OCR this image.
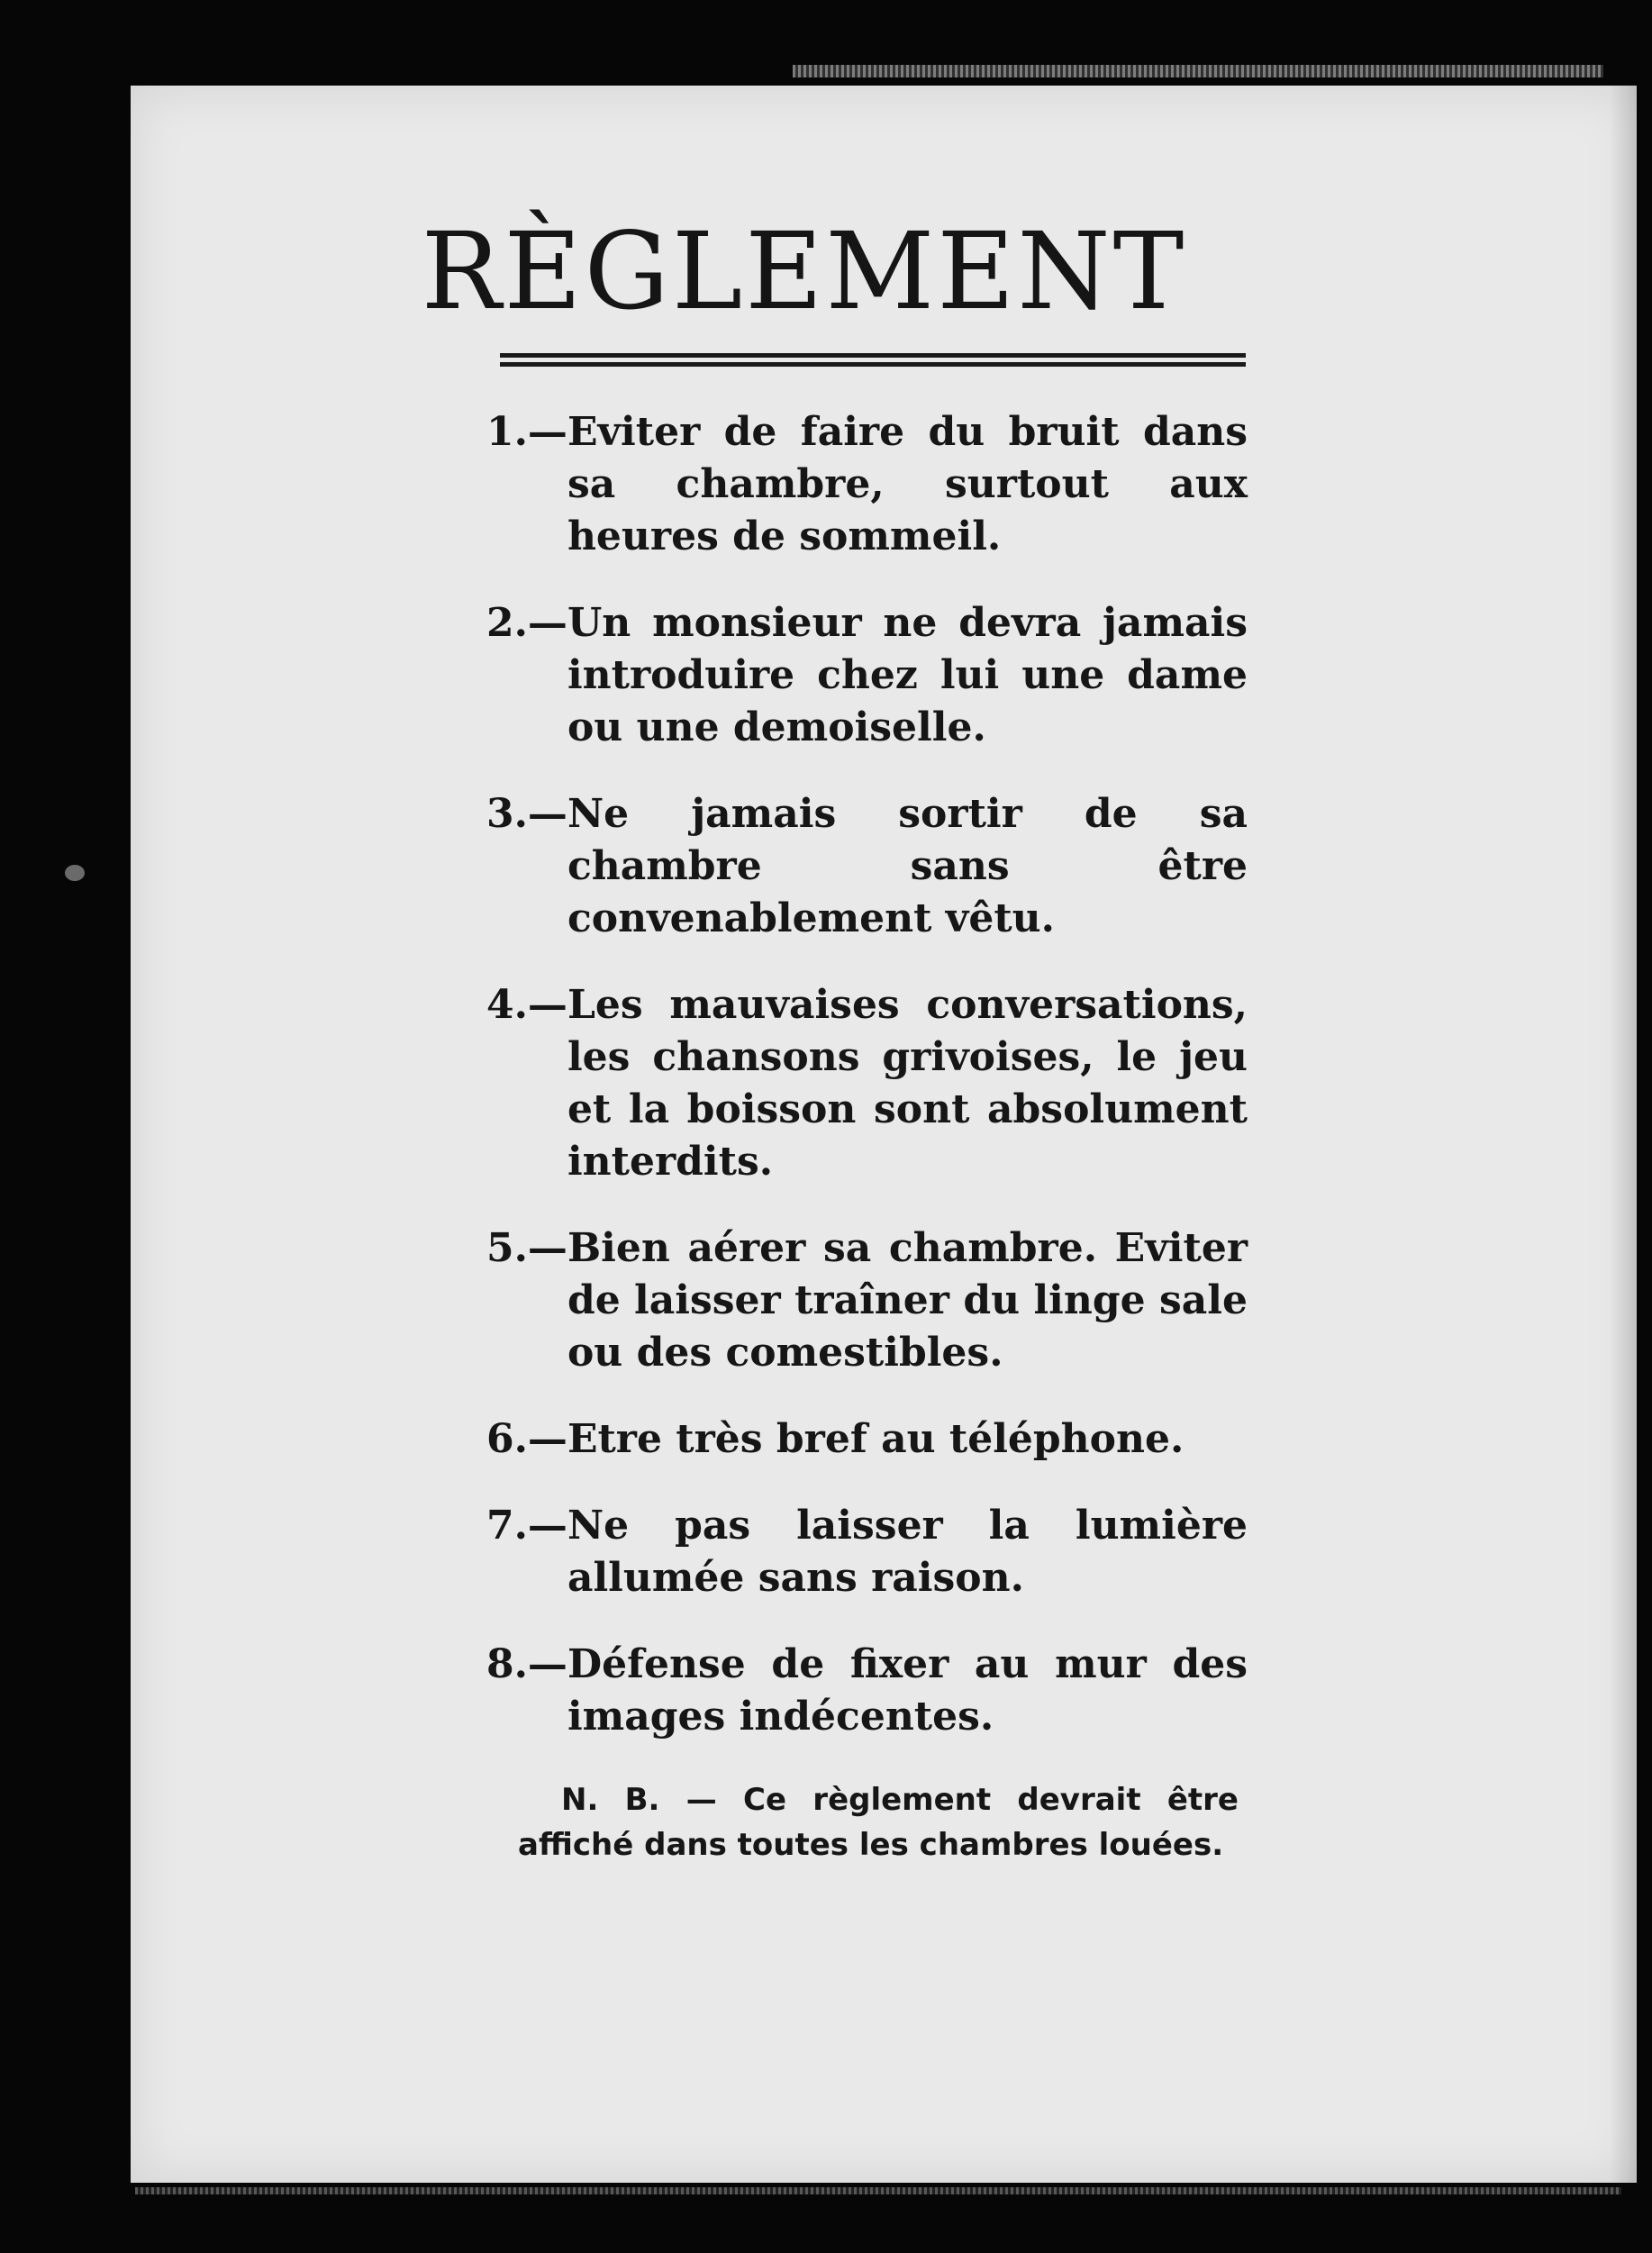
RÈGLEMENT
1.— Eviter de faire du bruit dans sa chambre, surtout aux heures de sommeil.
2.— Un monsieur ne devra jamais introduire chez lui une dame ou une demoiselle.
3.— Ne jamais sortir de sa chambre sans être convenablement vêtu.
4.— Les mauvaises conversations, les chansons grivoises, le jeu et la boisson sont absolument interdits.
5.— Bien aérer sa chambre. Eviter de laisser traîner du linge sale ou des comestibles.
6.— Etre très bref au téléphone.
7.— Ne pas laisser la lumière allumée sans raison.
8.— Défense de fixer au mur des images indécentes.

N. B. — Ce règlement devrait être affiché dans toutes les chambres louées.
